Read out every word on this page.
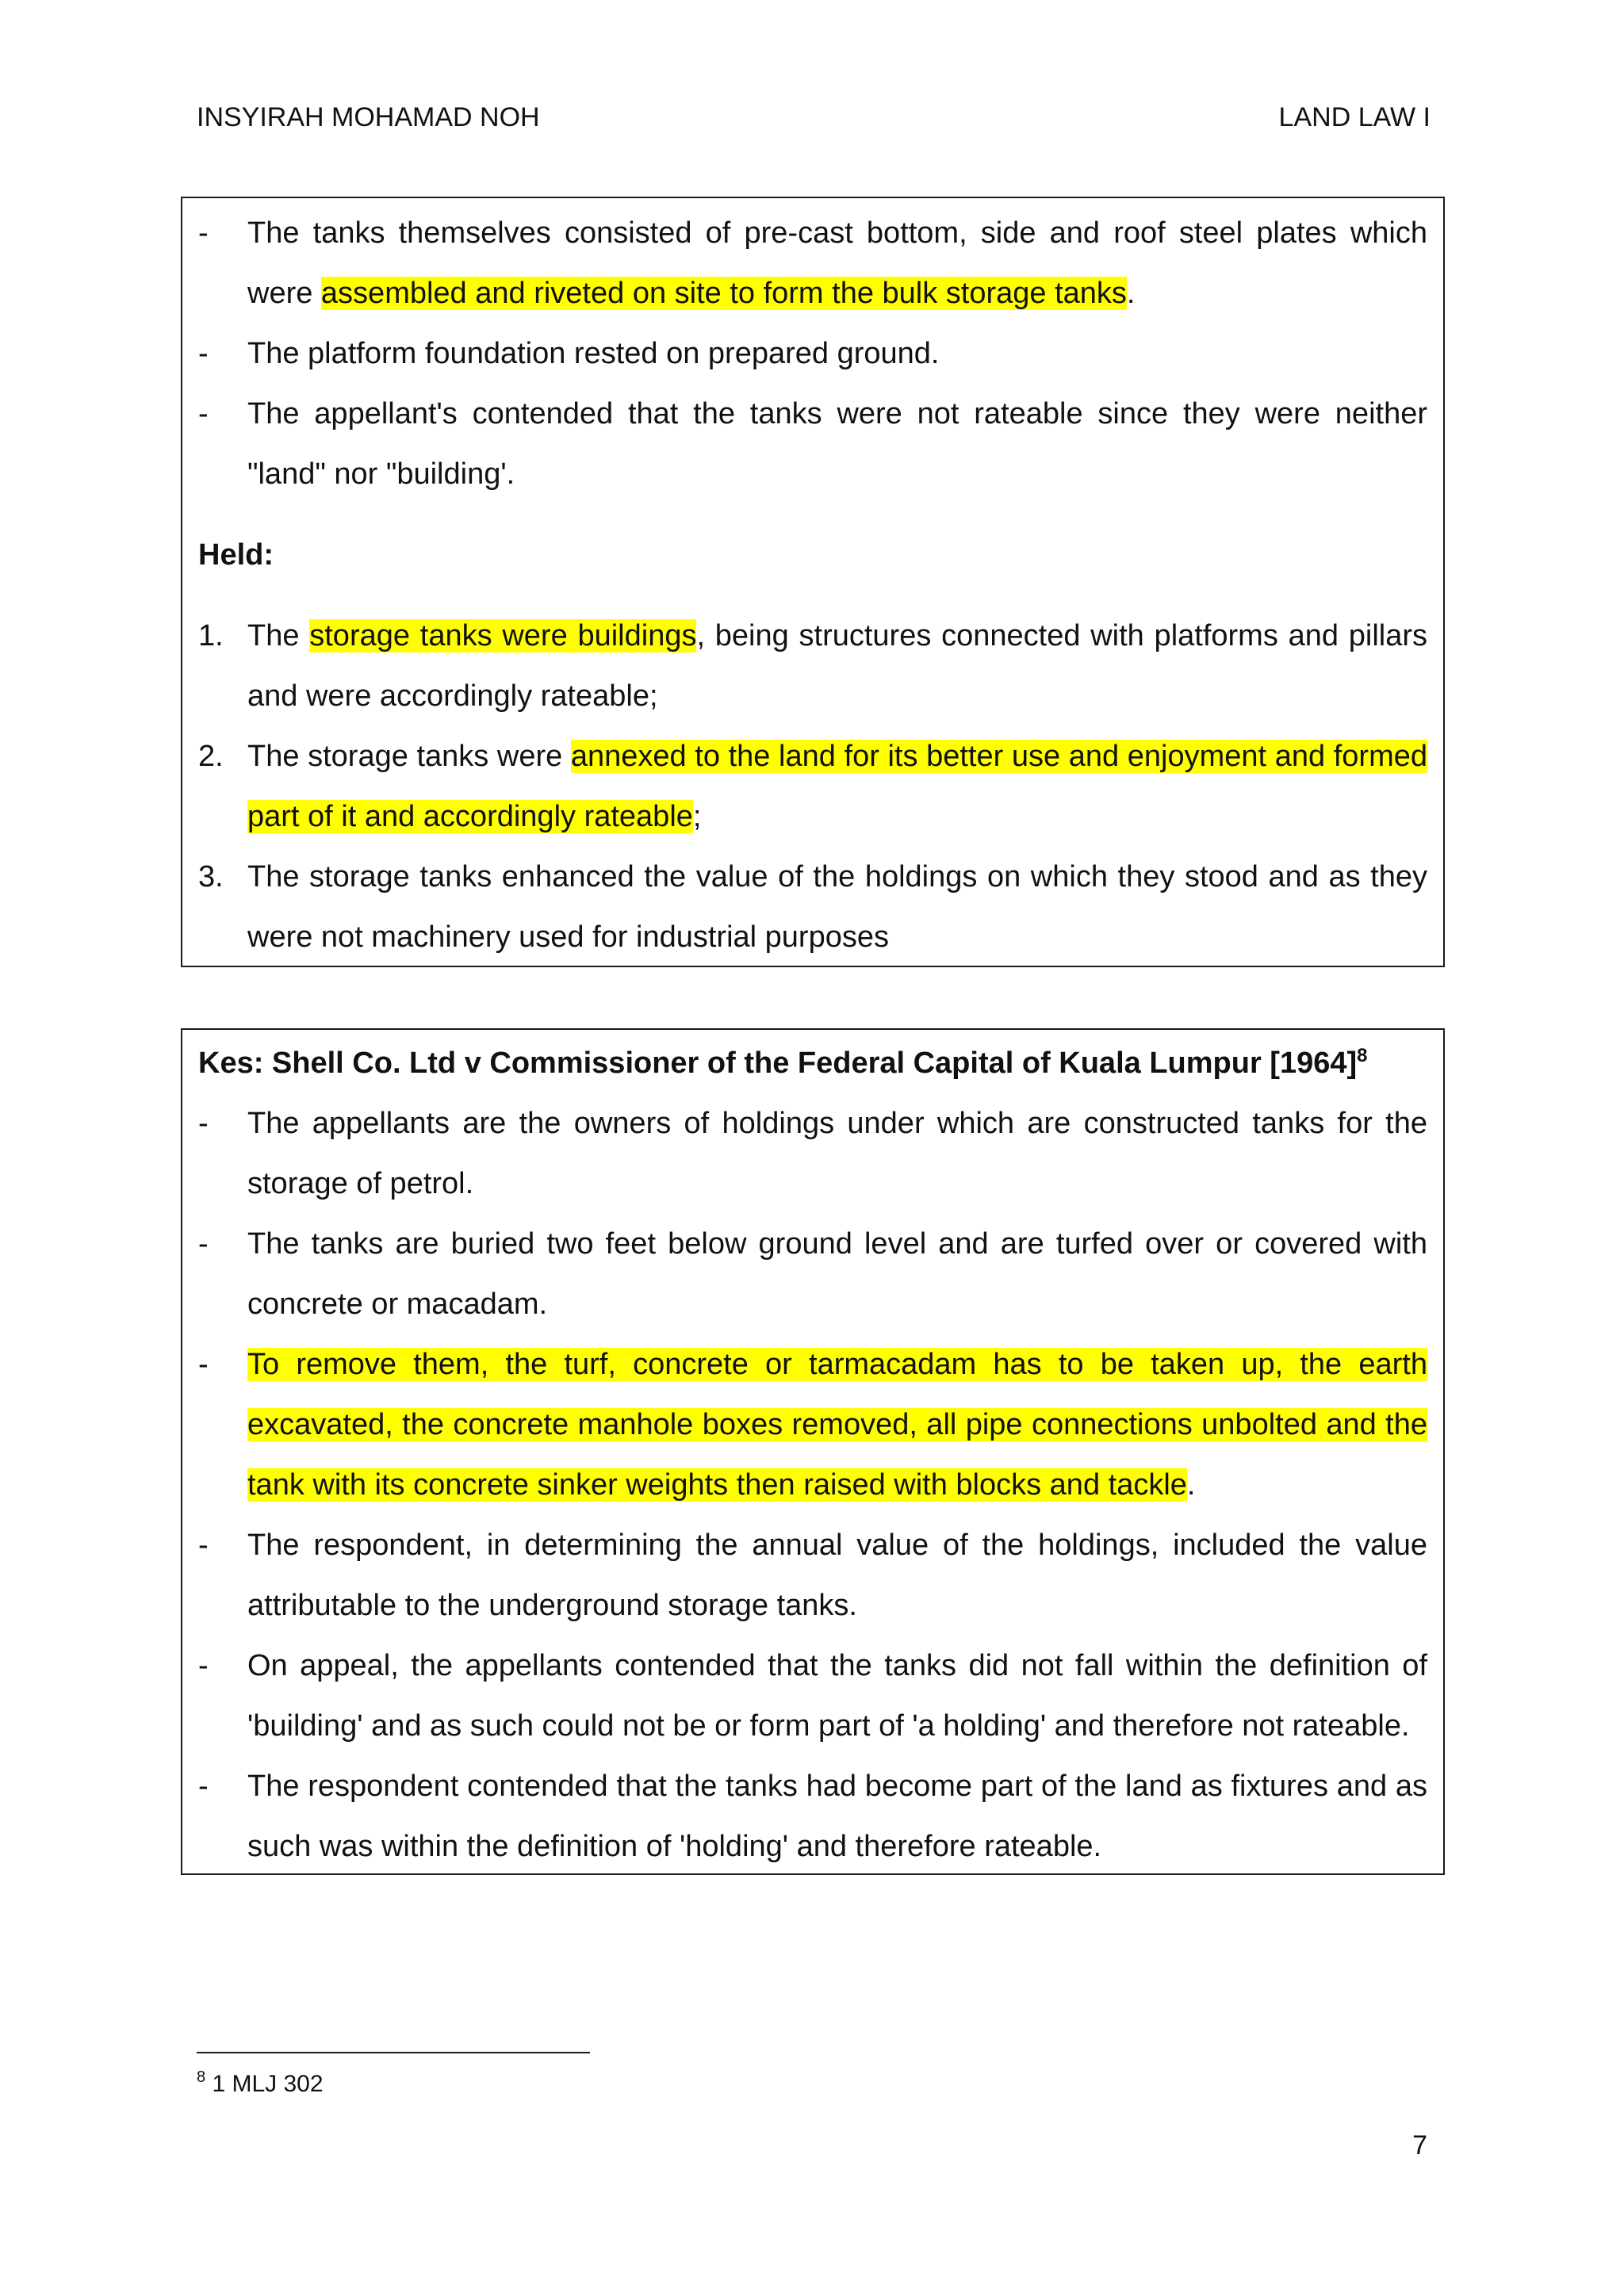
INSYIRAH MOHAMAD NOH	LAND LAW I
-	The tanks themselves consisted of pre-cast bottom, side and roof steel plates which were assembled and riveted on site to form the bulk storage tanks.
-	The platform foundation rested on prepared ground.
-	The appellant's contended that the tanks were not rateable since they were neither "land" nor "building'.
Held:
1. The storage tanks were buildings, being structures connected with platforms and pillars and were accordingly rateable;
2. The storage tanks were annexed to the land for its better use and enjoyment and formed part of it and accordingly rateable;
3. The storage tanks enhanced the value of the holdings on which they stood and as they were not machinery used for industrial purposes
Kes: Shell Co. Ltd v Commissioner of the Federal Capital of Kuala Lumpur $[1964]^8$
-	The appellants are the owners of holdings under which are constructed tanks for the storage of petrol.
-	The tanks are buried two feet below ground level and are turfed over or covered with concrete or macadam.
-	To remove them, the turf, concrete or tarmacadam has to be taken up, the earth excavated, the concrete manhole boxes removed, all pipe connections unbolted and the tank with its concrete sinker weights then raised with blocks and tackle.
-	The respondent, in determining the annual value of the holdings, included the value attributable to the underground storage tanks.
-	On appeal, the appellants contended that the tanks did not fall within the definition of 'building' and as such could not be or form part of 'a holding' and therefore not rateable.
-	The respondent contended that the tanks had become part of the land as fixtures and as such was within the definition of 'holding' and therefore rateable.
$^8$ 1 MLJ 302
7
